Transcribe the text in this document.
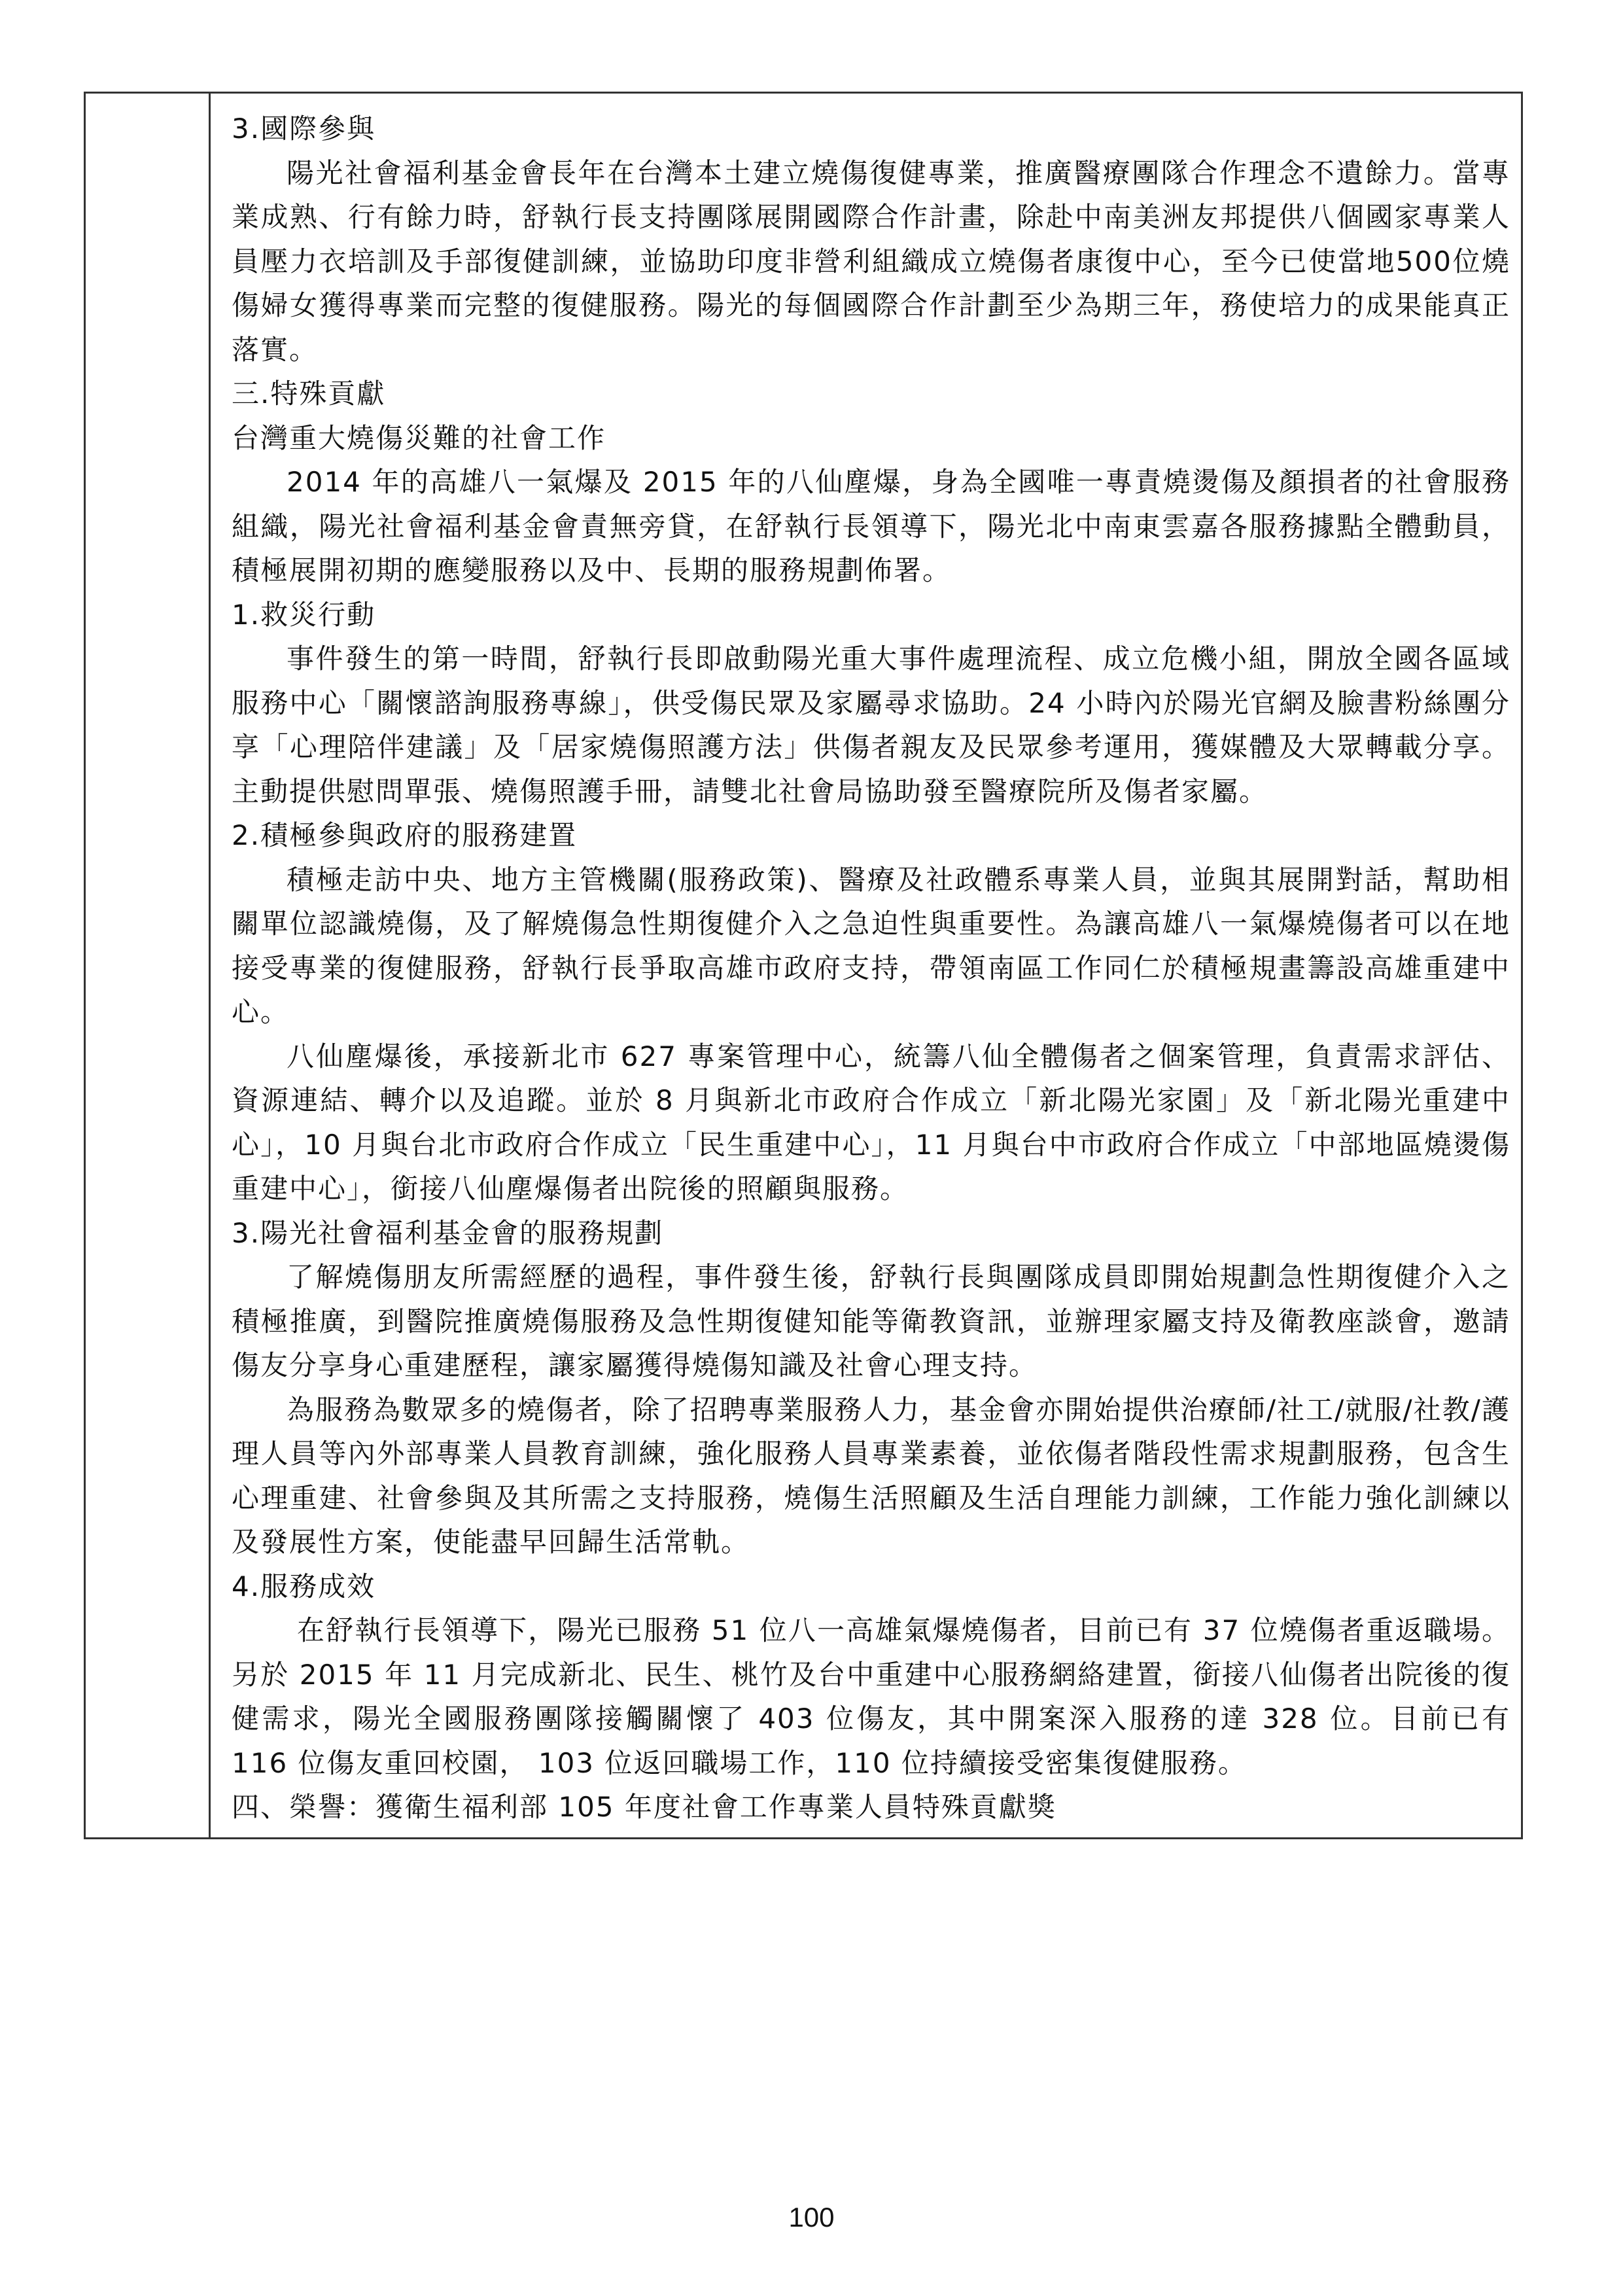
3.國際參與

陽光社會福利基金會長年在台灣本土建立燒傷復健專業，推廣醫療團隊合作理念不遺餘力。當專業成熟、行有餘力時，舒執行長支持團隊展開國際合作計畫，除赴中南美洲友邦提供八個國家專業人員壓力衣培訓及手部復健訓練，並協助印度非營利組織成立燒傷者康復中心，至今已使當地500位燒傷婦女獲得專業而完整的復健服務。陽光的每個國際合作計劃至少為期三年，務使培力的成果能真正落實。

三.特殊貢獻

台灣重大燒傷災難的社會工作

2014 年的高雄八一氣爆及 2015 年的八仙塵爆，身為全國唯一專責燒燙傷及顏損者的社會服務組織，陽光社會福利基金會責無旁貸，在舒執行長領導下，陽光北中南東雲嘉各服務據點全體動員，積極展開初期的應變服務以及中、長期的服務規劃佈署。

1.救災行動

事件發生的第一時間，舒執行長即啟動陽光重大事件處理流程、成立危機小組，開放全國各區域服務中心「關懷諮詢服務專線」，供受傷民眾及家屬尋求協助。24 小時內於陽光官網及臉書粉絲團分享「心理陪伴建議」及「居家燒傷照護方法」供傷者親友及民眾參考運用，獲媒體及大眾轉載分享。主動提供慰問單張、燒傷照護手冊，請雙北社會局協助發至醫療院所及傷者家屬。

2.積極參與政府的服務建置

積極走訪中央、地方主管機關(服務政策)、醫療及社政體系專業人員，並與其展開對話，幫助相關單位認識燒傷，及了解燒傷急性期復健介入之急迫性與重要性。為讓高雄八一氣爆燒傷者可以在地接受專業的復健服務，舒執行長爭取高雄市政府支持，帶領南區工作同仁於積極規畫籌設高雄重建中心。

八仙塵爆後，承接新北市 627 專案管理中心，統籌八仙全體傷者之個案管理，負責需求評估、資源連結、轉介以及追蹤。並於 8 月與新北市政府合作成立「新北陽光家園」及「新北陽光重建中心」，10 月與台北市政府合作成立「民生重建中心」，11 月與台中市政府合作成立「中部地區燒燙傷重建中心」，銜接八仙塵爆傷者出院後的照顧與服務。

3.陽光社會福利基金會的服務規劃

了解燒傷朋友所需經歷的過程，事件發生後，舒執行長與團隊成員即開始規劃急性期復健介入之積極推廣，到醫院推廣燒傷服務及急性期復健知能等衛教資訊，並辦理家屬支持及衛教座談會，邀請傷友分享身心重建歷程，讓家屬獲得燒傷知識及社會心理支持。

為服務為數眾多的燒傷者，除了招聘專業服務人力，基金會亦開始提供治療師/社工/就服/社教/護理人員等內外部專業人員教育訓練，強化服務人員專業素養，並依傷者階段性需求規劃服務，包含生心理重建、社會參與及其所需之支持服務，燒傷生活照顧及生活自理能力訓練，工作能力強化訓練以及發展性方案，使能盡早回歸生活常軌。

4.服務成效

在舒執行長領導下，陽光已服務 51 位八一高雄氣爆燒傷者，目前已有 37 位燒傷者重返職場。另於 2015 年 11 月完成新北、民生、桃竹及台中重建中心服務網絡建置，銜接八仙傷者出院後的復健需求，陽光全國服務團隊接觸關懷了 403 位傷友，其中開案深入服務的達 328 位。目前已有 116 位傷友重回校園， 103 位返回職場工作，110 位持續接受密集復健服務。

四、榮譽：獲衛生福利部 105 年度社會工作專業人員特殊貢獻獎

100
